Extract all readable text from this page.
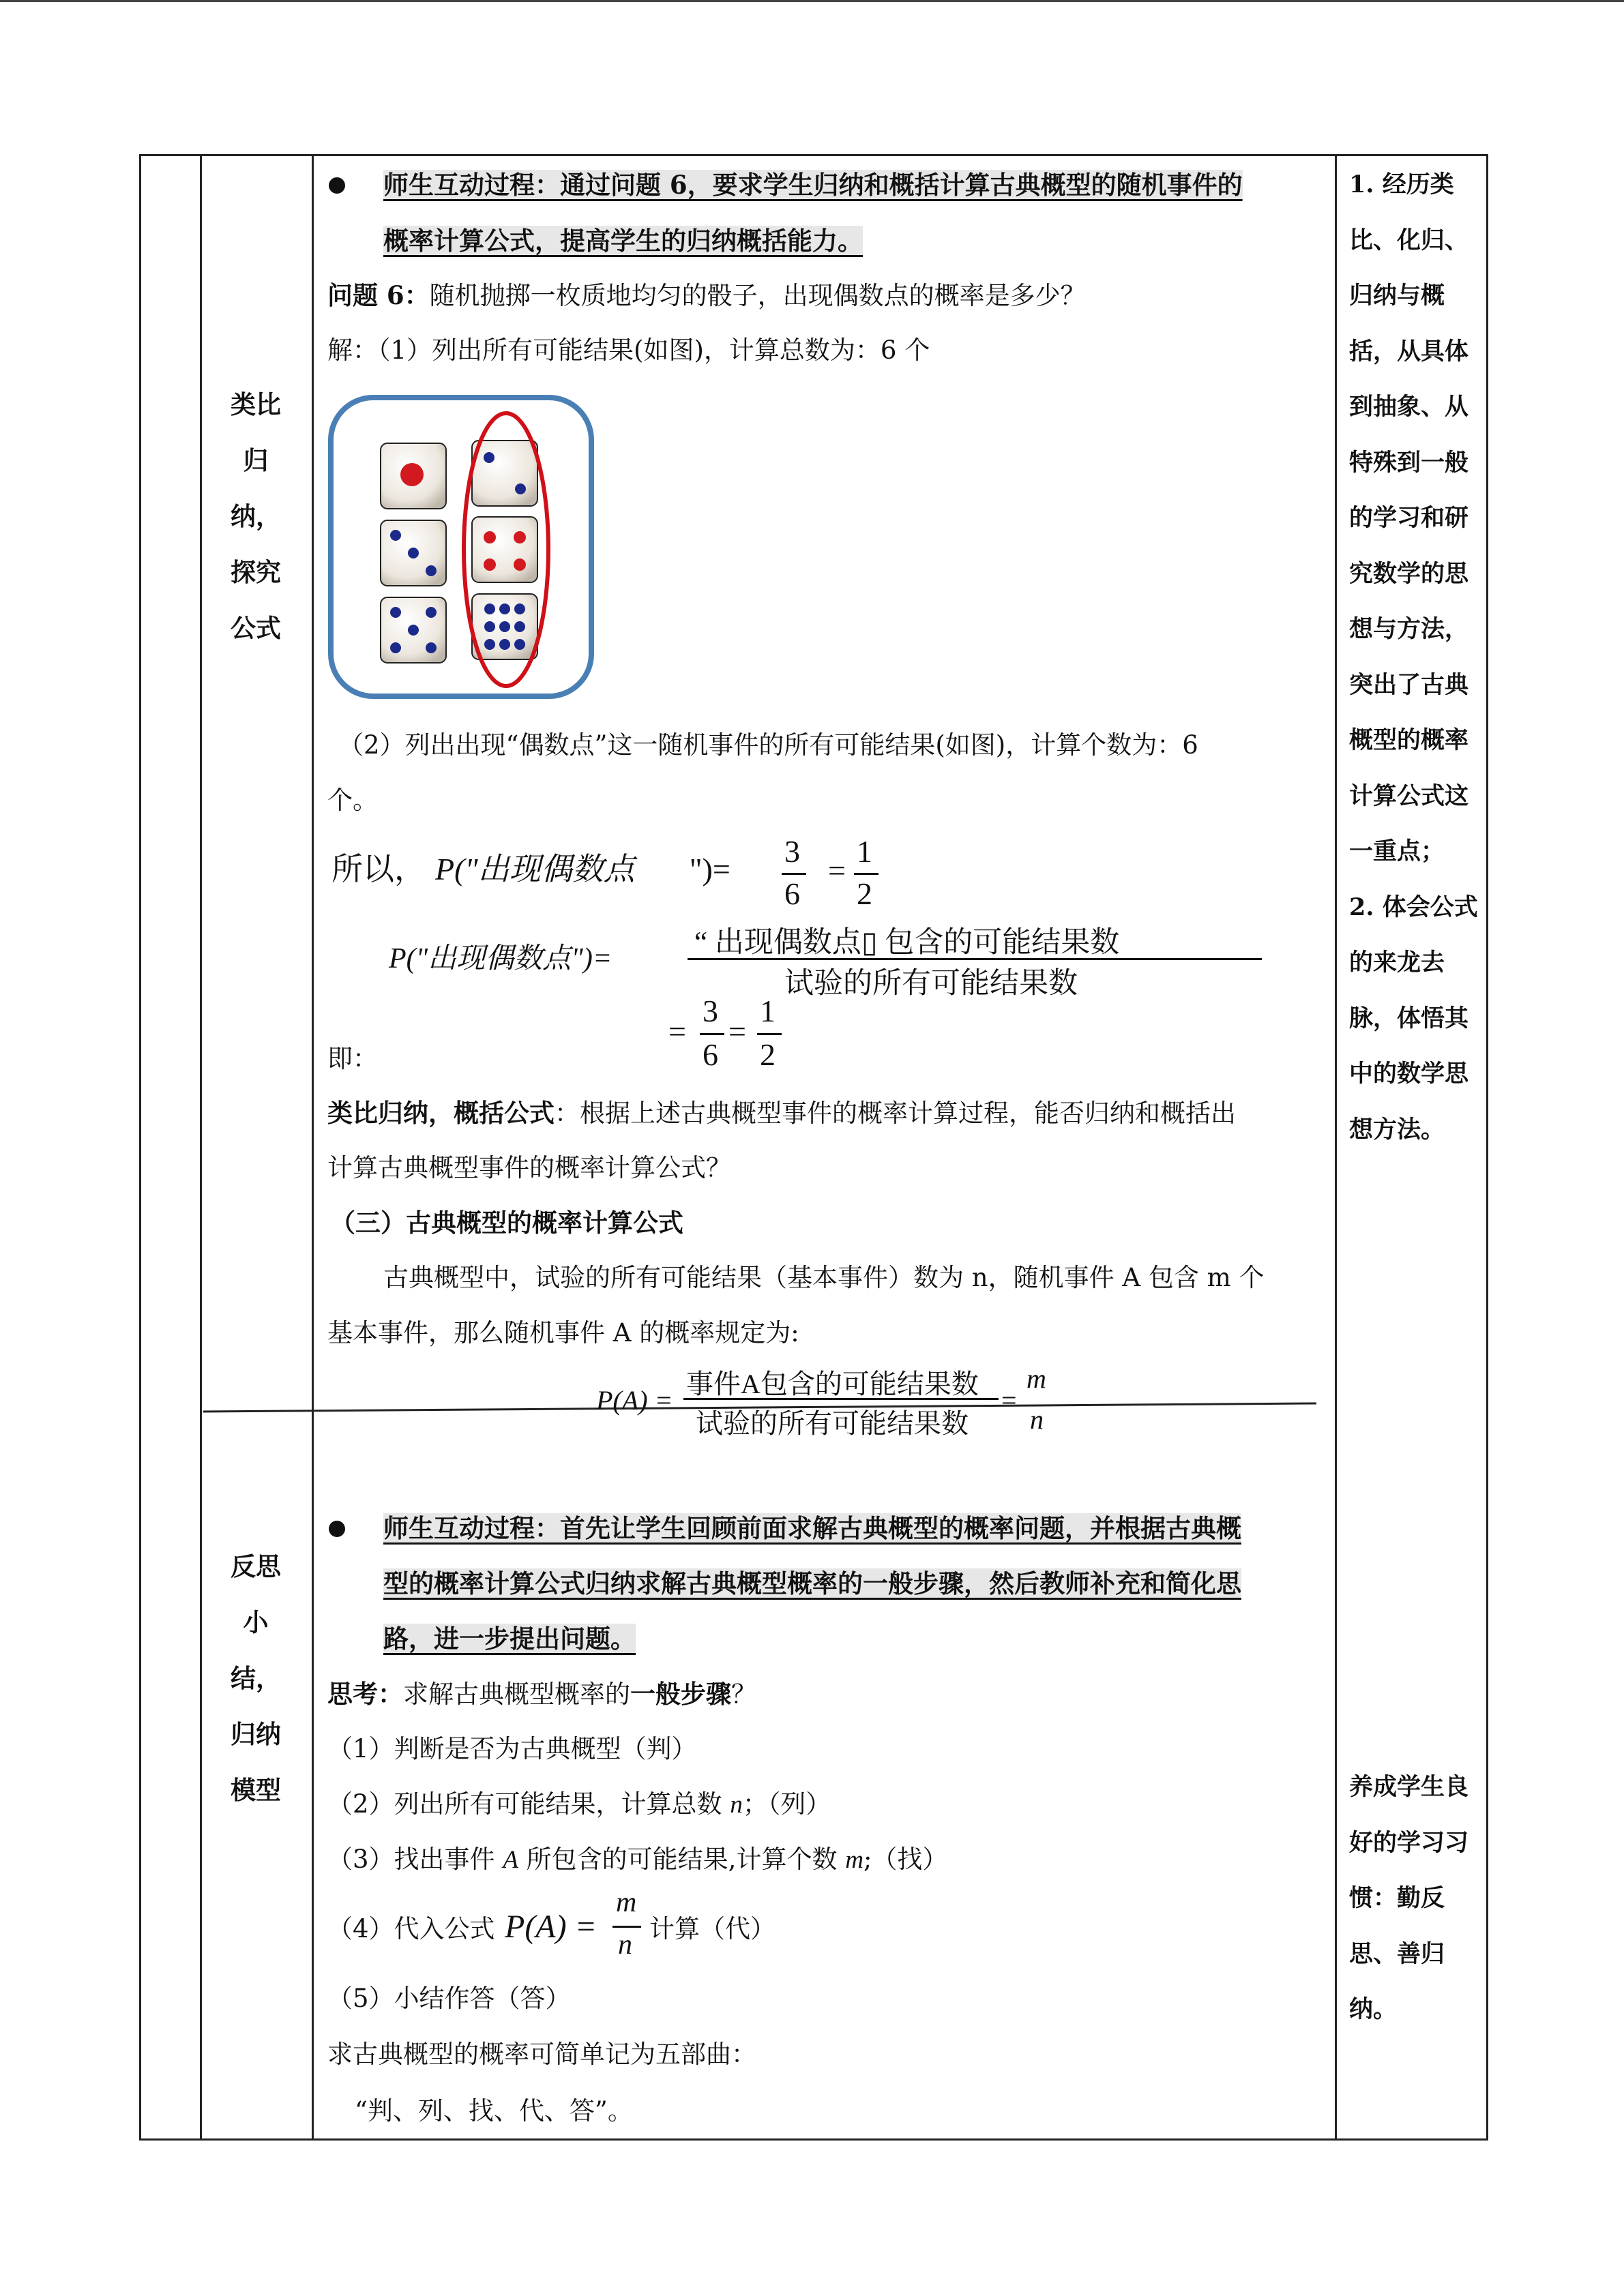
类比
归
纳，
探究
公式
反思
小
结，
归纳
模型
师生互动过程：通过问题 6，要求学生归纳和概括计算古典概型的随机事件的
概率计算公式，提高学生的归纳概括能力。
问题 6：随机抛掷一枚质地均匀的骰子，出现偶数点的概率是多少？
解：（1）列出所有可能结果(如图)，计算总数为：6 个
（2）列出出现“偶数点”这一随机事件的所有可能结果(如图)，计算个数为：6
个。
所以， P("出现偶数点 ")=
3
6
=
1
2
P("出现偶数点")=	“ 出现偶数点▯ 包含的可能结果数
试验的所有可能结果数
=
3
6
=
1
2
即：
类比归纳，概括公式：根据上述古典概型事件的概率计算过程，能否归纳和概括出
计算古典概型事件的概率计算公式？
（三）古典概型的概率计算公式
古典概型中，试验的所有可能结果（基本事件）数为 n，随机事件 A 包含 m 个
基本事件，那么随机事件 A 的概率规定为:
P(A) =
事件A包含的可能结果数
试验的所有可能结果数
=
m
n
师生互动过程：首先让学生回顾前面求解古典概型的概率问题，并根据古典概
型的概率计算公式归纳求解古典概型概率的一般步骤，然后教师补充和简化思
路，进一步提出问题。
思考：求解古典概型概率的一般步骤？
（1）判断是否为古典概型（判）
（2）列出所有可能结果，计算总数 n；（列）
（3）找出事件 A 所包含的可能结果,计算个数 m;（找）
（4）代入公式 P(A) =
m
n
计算（代）
（5）小结作答（答）
求古典概型的概率可简单记为五部曲：
“判、列、找、代、答”。
1. 经历类
比、化归、
归纳与概
括，从具体
到抽象、从
特殊到一般
的学习和研
究数学的思
想与方法，
突出了古典
概型的概率
计算公式这
一重点；
2. 体会公式
的来龙去
脉，体悟其
中的数学思
想方法。
养成学生良
好的学习习
惯：勤反
思、善归
纳。
